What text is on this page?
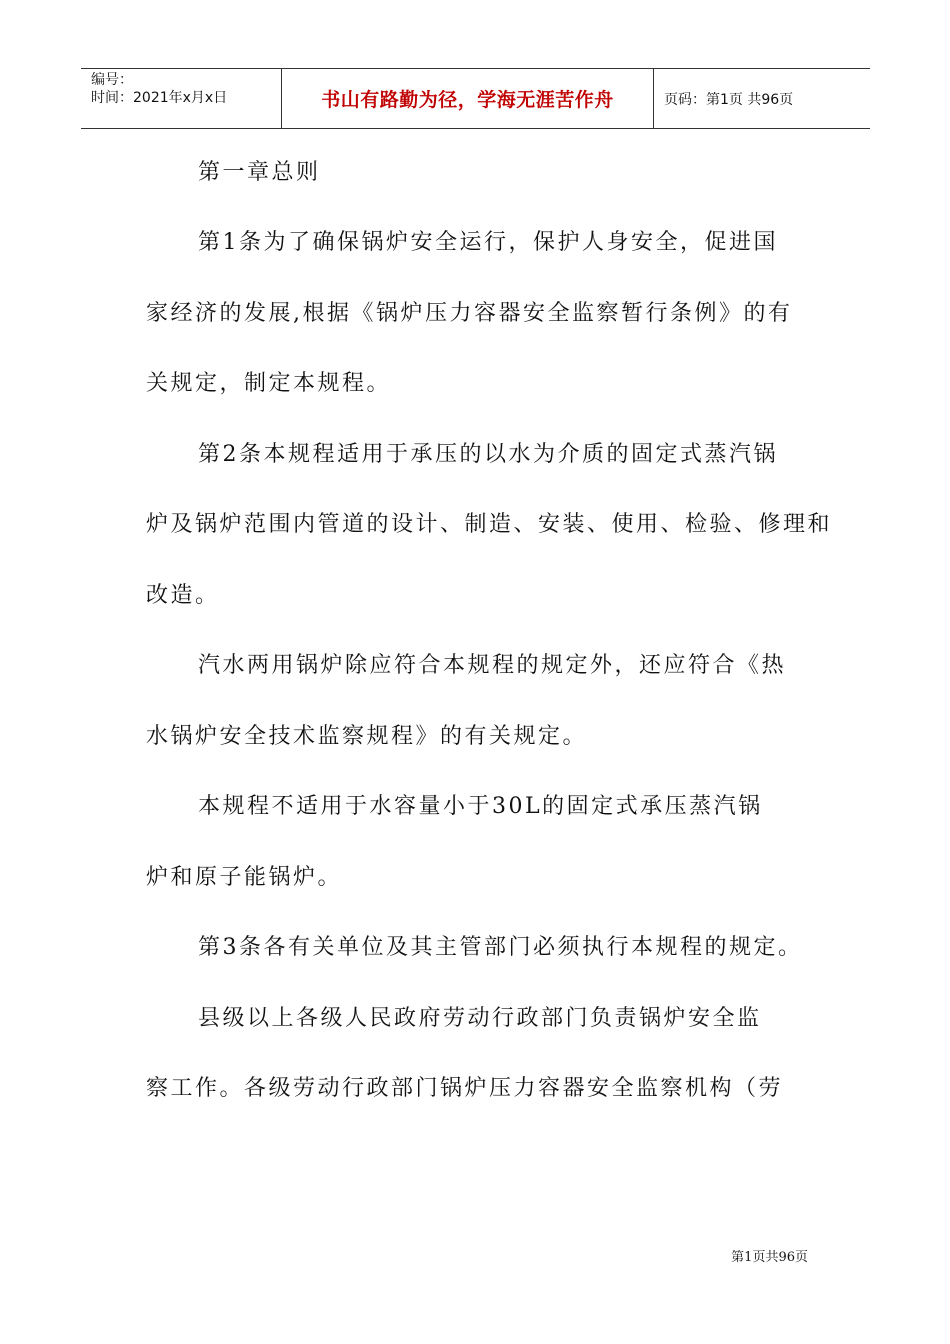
编号：
时间：2021年x月x日	书山有路勤为径，学海无涯苦作舟	页码：第1页 共96页
第一章总则
第1条为了确保锅炉安全运行，保护人身安全，促进国
家经济的发展,根据《锅炉压力容器安全监察暂行条例》的有
关规定，制定本规程。
第2条本规程适用于承压的以水为介质的固定式蒸汽锅
炉及锅炉范围内管道的设计、制造、安装、使用、检验、修理和
改造。
汽水两用锅炉除应符合本规程的规定外，还应符合《热
水锅炉安全技术监察规程》的有关规定。
本规程不适用于水容量小于30L的固定式承压蒸汽锅
炉和原子能锅炉。
第3条各有关单位及其主管部门必须执行本规程的规定。
县级以上各级人民政府劳动行政部门负责锅炉安全监
察工作。各级劳动行政部门锅炉压力容器安全监察机构（劳
第1页共96页
